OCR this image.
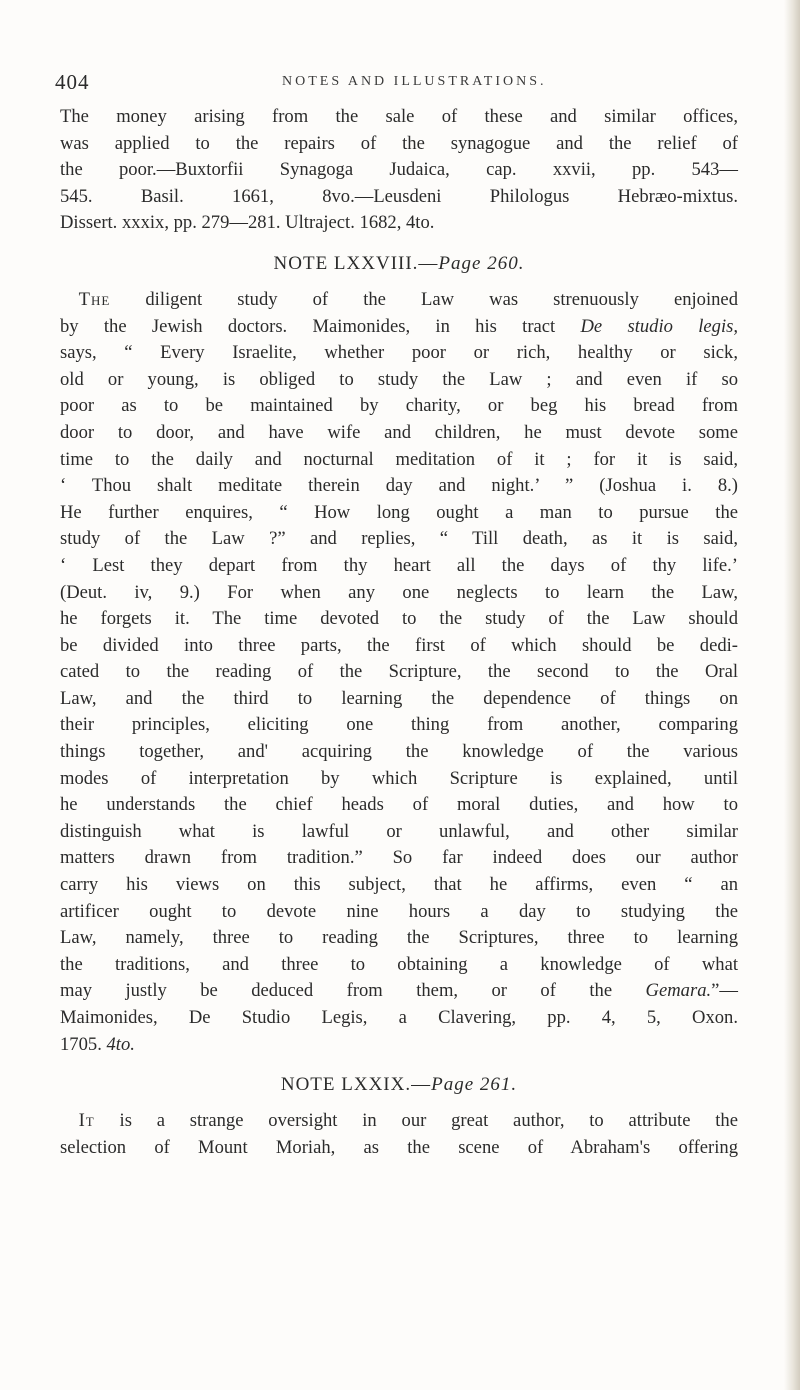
404	NOTES AND ILLUSTRATIONS.

The money arising from the sale of these and similar offices,
was applied to the repairs of the synagogue and the relief of
the poor.—Buxtorfii Synagoga Judaica, cap. xxvii, pp. 543—
545. Basil. 1661, 8vo.—Leusdeni Philologus Hebræo-mixtus.
Dissert. xxxix, pp. 279—281. Ultraject. 1682, 4to.

NOTE LXXVIII.—Page 260.

  The diligent study of the Law was strenuously enjoined
by the Jewish doctors. Maimonides, in his tract De studio legis,
says, “ Every Israelite, whether poor or rich, healthy or sick,
old or young, is obliged to study the Law ; and even if so
poor as to be maintained by charity, or beg his bread from
door to door, and have wife and children, he must devote some
time to the daily and nocturnal meditation of it ; for it is said,
‘ Thou shalt meditate therein day and night.’ ” (Joshua i. 8.)
He further enquires, “ How long ought a man to pursue the
study of the Law ?” and replies, “ Till death, as it is said,
‘ Lest they depart from thy heart all the days of thy life.’
(Deut. iv, 9.) For when any one neglects to learn the Law,
he forgets it. The time devoted to the study of the Law should
be divided into three parts, the first of which should be dedi-
cated to the reading of the Scripture, the second to the Oral
Law, and the third to learning the dependence of things on
their principles, eliciting one thing from another, comparing
things together, and' acquiring the knowledge of the various
modes of interpretation by which Scripture is explained, until
he understands the chief heads of moral duties, and how to
distinguish what is lawful or unlawful, and other similar
matters drawn from tradition.” So far indeed does our author
carry his views on this subject, that he affirms, even “ an
artificer ought to devote nine hours a day to studying the
Law, namely, three to reading the Scriptures, three to learning
the traditions, and three to obtaining a knowledge of what
may justly be deduced from them, or of the Gemara.”—
Maimonides, De Studio Legis, a Clavering, pp. 4, 5, Oxon.
1705. 4to.

NOTE LXXIX.—Page 261.

  It is a strange oversight in our great author, to attribute the
selection of Mount Moriah, as the scene of Abraham's offering
